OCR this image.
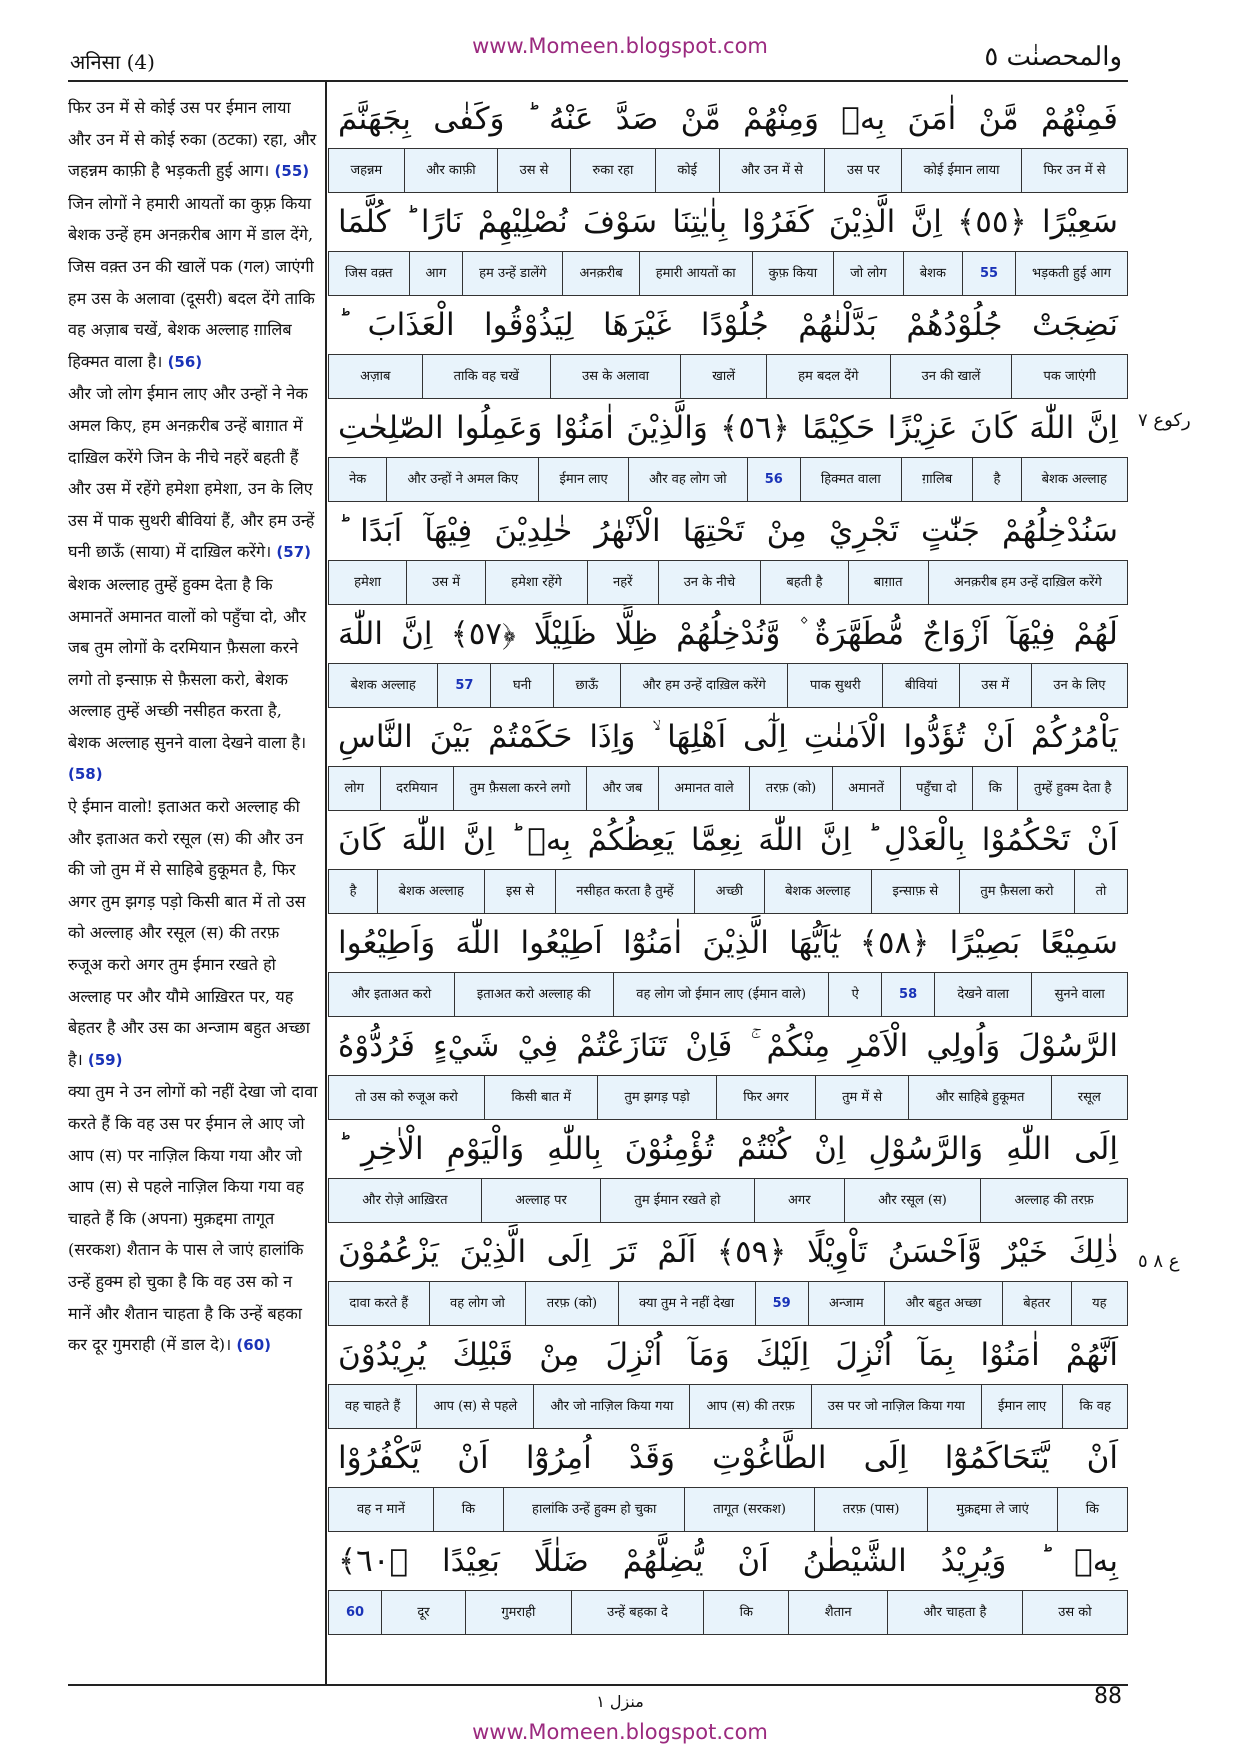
www.Momeen.blogspot.com
अनिसा (4)	والمحصنٰت ٥

फिर उन में से कोई उस पर ईमान लाया और उन में से कोई रुका (ठटका) रहा, और जहन्नम काफ़ी है भड़कती हुई आग। (55)

जिन लोगों ने हमारी आयतों का कुफ़्र किया बेशक उन्हें हम अनक़रीब आग में डाल देंगे, जिस वक़्त उन की खालें पक (गल) जाएंगी हम उस के अलावा (दूसरी) बदल देंगे ताकि वह अज़ाब चखें, बेशक अल्लाह ग़ालिब हिक्मत वाला है। (56)

और जो लोग ईमान लाए और उन्हों ने नेक अमल किए, हम अनक़रीब उन्हें बाग़ात में दाख़िल करेंगे जिन के नीचे नहरें बहती हैं और उस में रहेंगे हमेशा हमेशा, उन के लिए उस में पाक सुथरी बीवियां हैं, और हम उन्हें घनी छाऊँ (साया) में दाख़िल करेंगे। (57)

बेशक अल्लाह तुम्हें हुक्म देता है कि अमानतें अमानत वालों को पहुँचा दो, और जब तुम लोगों के दरमियान फ़ैसला करने लगो तो इन्साफ़ से फ़ैसला करो, बेशक अल्लाह तुम्हें अच्छी नसीहत करता है, बेशक अल्लाह सुनने वाला देखने वाला है। (58)

ऐ ईमान वालो! इताअत करो अल्लाह की और इताअत करो रसूल (स) की और उन की जो तुम में से साहिबे हुकूमत है, फिर अगर तुम झगड़ पड़ो किसी बात में तो उस को अल्लाह और रसूल (स) की तरफ़ रुजूअ करो अगर तुम ईमान रखते हो अल्लाह पर और यौमे आख़िरत पर, यह बेहतर है और उस का अन्जाम बहुत अच्छा है। (59)

क्या तुम ने उन लोगों को नहीं देखा जो दावा करते हैं कि वह उस पर ईमान ले आए जो आप (स) पर नाज़िल किया गया और जो आप (स) से पहले नाज़िल किया गया वह चाहते हैं कि (अपना) मुक़द्दमा तागूत (सरकश) शैतान के पास ले जाएं हालांकि उन्हें हुक्म हो चुका है कि वह उस को न मानें और शैतान चाहता है कि उन्हें बहका कर दूर गुमराही (में डाल दे)। (60)

فَمِنْهُمْ مَّنْ اٰمَنَ بِهٖ وَمِنْهُمْ مَّنْ صَدَّ عَنْهُ ؕ وَكَفٰى بِجَهَنَّمَ
फिर उन में से
कोई ईमान लाया
उस पर
और उन में से
कोई
रुका रहा
उस से
और काफ़ी
जहन्नम
سَعِيْرًا ﴿٥٥﴾ اِنَّ الَّذِيْنَ كَفَرُوْا بِاٰيٰتِنَا سَوْفَ نُصْلِيْهِمْ نَارًا ؕ كُلَّمَا
भड़कती हुई आग
55
बेशक
जो लोग
कुफ़ किया
हमारी आयतों का
अनक़रीब
हम उन्हें डालेंगे
आग
जिस वक़्त
نَضِجَتْ جُلُوْدُهُمْ بَدَّلْنٰهُمْ جُلُوْدًا غَيْرَهَا لِيَذُوْقُوا الْعَذَابَ ؕ
पक जाएंगी
उन की खालें
हम बदल देंगे
खालें
उस के अलावा
ताकि वह चखें
अज़ाब
اِنَّ اللّٰهَ كَانَ عَزِيْزًا حَكِيْمًا ﴿٥٦﴾ وَالَّذِيْنَ اٰمَنُوْا وَعَمِلُوا الصّٰلِحٰتِ
बेशक अल्लाह
है
ग़ालिब
हिक्मत वाला
56
और वह लोग जो
ईमान लाए
और उन्हों ने अमल किए
नेक
سَنُدْخِلُهُمْ جَنّٰتٍ تَجْرِيْ مِنْ تَحْتِهَا الْاَنْهٰرُ خٰلِدِيْنَ فِيْهَآ اَبَدًا ؕ
अनक़रीब हम उन्हें दाख़िल करेंगे
बाग़ात
बहती है
उन के नीचे
नहरें
हमेशा रहेंगे
उस में
हमेशा
لَهُمْ فِيْهَآ اَزْوَاجٌ مُّطَهَّرَةٌ ۫ وَّنُدْخِلُهُمْ ظِلًّا ظَلِيْلًا ﴿٥٧﴾ اِنَّ اللّٰهَ
उन के लिए
उस में
बीवियां
पाक सुथरी
और हम उन्हें दाख़िल करेंगे
छाऊँ
घनी
57
बेशक अल्लाह
يَاْمُرُكُمْ اَنْ تُؤَدُّوا الْاَمٰنٰتِ اِلٰٓى اَهْلِهَا ۙ وَاِذَا حَكَمْتُمْ بَيْنَ النَّاسِ
तुम्हें हुक्म देता है
कि
पहुँचा दो
अमानतें
तरफ़ (को)
अमानत वाले
और जब
तुम फ़ैसला करने लगो
दरमियान
लोग
اَنْ تَحْكُمُوْا بِالْعَدْلِ ؕ اِنَّ اللّٰهَ نِعِمَّا يَعِظُكُمْ بِهٖ ؕ اِنَّ اللّٰهَ كَانَ
तो
तुम फ़ैसला करो
इन्साफ़ से
बेशक अल्लाह
अच्छी
नसीहत करता है तुम्हें
इस से
बेशक अल्लाह
है
سَمِيْعًا بَصِيْرًا ﴿٥٨﴾ يٰٓاَيُّهَا الَّذِيْنَ اٰمَنُوْٓا اَطِيْعُوا اللّٰهَ وَاَطِيْعُوا
सुनने वाला
देखने वाला
58
ऐ
वह लोग जो ईमान लाए (ईमान वाले)
इताअत करो अल्लाह की
और इताअत करो
الرَّسُوْلَ وَاُولِي الْاَمْرِ مِنْكُمْ ۚ فَاِنْ تَنَازَعْتُمْ فِيْ شَيْءٍ فَرُدُّوْهُ
रसूल
और साहिबे हुकूमत
तुम में से
फिर अगर
तुम झगड़ पड़ो
किसी बात में
तो उस को रुजूअ करो
اِلَى اللّٰهِ وَالرَّسُوْلِ اِنْ كُنْتُمْ تُؤْمِنُوْنَ بِاللّٰهِ وَالْيَوْمِ الْاٰخِرِ ؕ
अल्लाह की तरफ़
और रसूल (स)
अगर
तुम ईमान रखते हो
अल्लाह पर
और रोज़े आख़िरत
ذٰلِكَ خَيْرٌ وَّاَحْسَنُ تَاْوِيْلًا ﴿٥٩﴾ اَلَمْ تَرَ اِلَى الَّذِيْنَ يَزْعُمُوْنَ
यह
बेहतर
और बहुत अच्छा
अन्जाम
59
क्या तुम ने नहीं देखा
तरफ़ (को)
वह लोग जो
दावा करते हैं
اَنَّهُمْ اٰمَنُوْا بِمَآ اُنْزِلَ اِلَيْكَ وَمَآ اُنْزِلَ مِنْ قَبْلِكَ يُرِيْدُوْنَ
कि वह
ईमान लाए
उस पर जो नाज़िल किया गया
आप (स) की तरफ़
और जो नाज़िल किया गया
आप (स) से पहले
वह चाहते हैं
اَنْ يَّتَحَاكَمُوْٓا اِلَى الطَّاغُوْتِ وَقَدْ اُمِرُوْٓا اَنْ يَّكْفُرُوْا
कि
मुक़द्दमा ले जाएं
तरफ़ (पास)
तागूत (सरकश)
हालांकि उन्हें हुक्म हो चुका
कि
वह न मानें
بِهٖ ؕ وَيُرِيْدُ الشَّيْطٰنُ اَنْ يُّضِلَّهُمْ ضَلٰلًا بَعِيْدًا ﴿٦٠﴾
उस को
और चाहता है
शैतान
कि
उन्हें बहका दे
गुमराही
दूर
60
ركوع ٧
ع ٨ ٥
منزل ١	88
www.Momeen.blogspot.com
